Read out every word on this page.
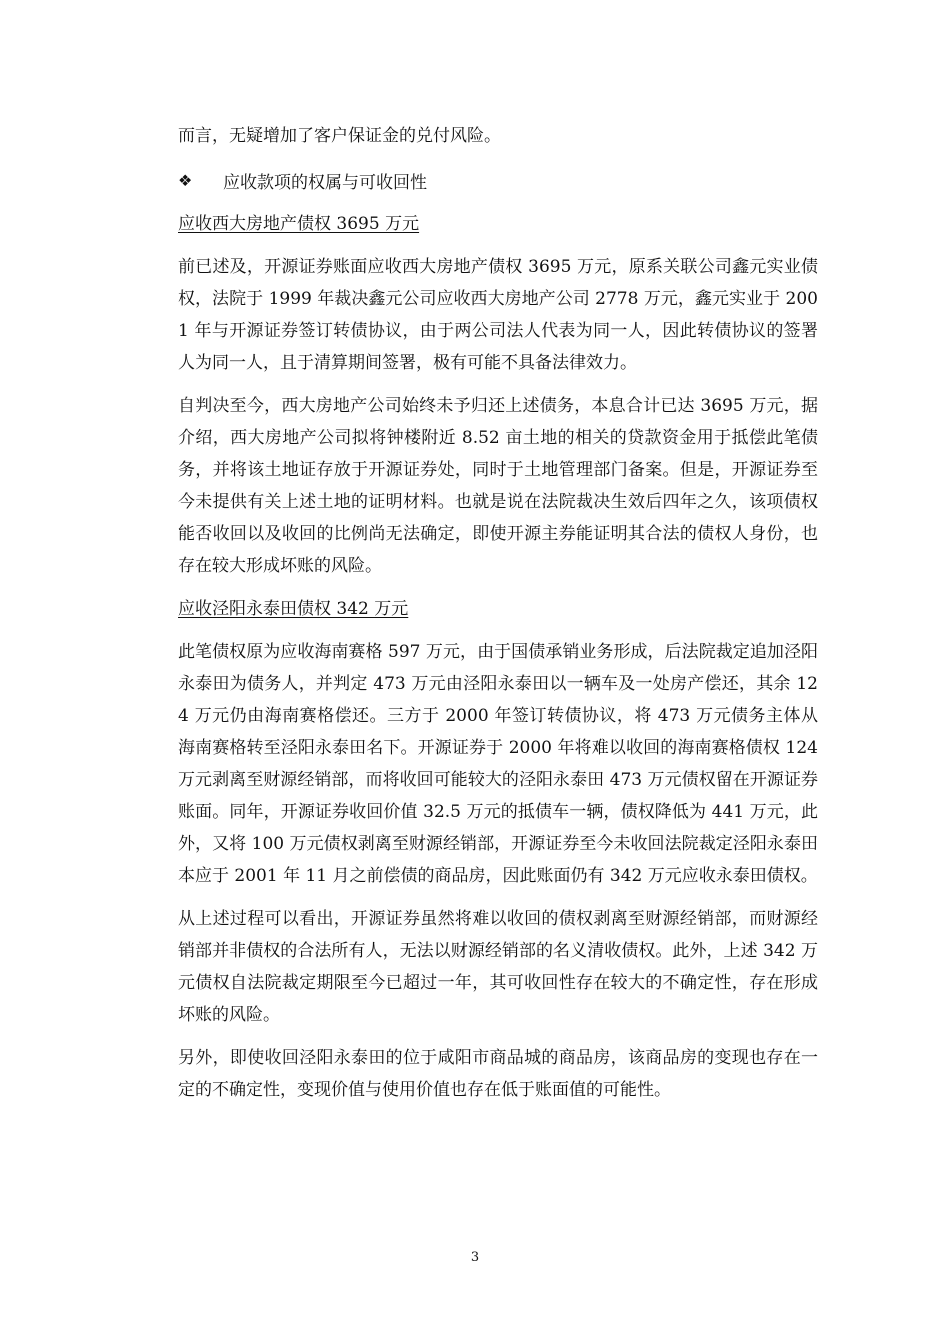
而言，无疑增加了客户保证金的兑付风险。

❖	应收款项的权属与可收回性
应收西大房地产债权 3695 万元

前已述及，开源证券账面应收西大房地产债权 3695 万元，原系关联公司鑫元实业债权，法院于 1999 年裁决鑫元公司应收西大房地产公司 2778 万元，鑫元实业于 2001 年与开源证券签订转债协议，由于两公司法人代表为同一人，因此转债协议的签署人为同一人，且于清算期间签署，极有可能不具备法律效力。

自判决至今，西大房地产公司始终未予归还上述债务，本息合计已达 3695 万元，据介绍，西大房地产公司拟将钟楼附近 8.52 亩土地的相关的贷款资金用于抵偿此笔债务，并将该土地证存放于开源证券处，同时于土地管理部门备案。但是，开源证券至今未提供有关上述土地的证明材料。也就是说在法院裁决生效后四年之久，该项债权能否收回以及收回的比例尚无法确定，即使开源主券能证明其合法的债权人身份，也存在较大形成坏账的风险。

应收泾阳永泰田债权 342 万元

此笔债权原为应收海南赛格 597 万元，由于国债承销业务形成，后法院裁定追加泾阳永泰田为债务人，并判定 473 万元由泾阳永泰田以一辆车及一处房产偿还，其余 124 万元仍由海南赛格偿还。三方于 2000 年签订转债协议，将 473 万元债务主体从海南赛格转至泾阳永泰田名下。开源证券于 2000 年将难以收回的海南赛格债权 124 万元剥离至财源经销部，而将收回可能较大的泾阳永泰田 473 万元债权留在开源证券账面。同年，开源证券收回价值 32.5 万元的抵债车一辆，债权降低为 441 万元，此外，又将 100 万元债权剥离至财源经销部，开源证券至今未收回法院裁定泾阳永泰田本应于 2001 年 11 月之前偿债的商品房，因此账面仍有 342 万元应收永泰田债权。

从上述过程可以看出，开源证券虽然将难以收回的债权剥离至财源经销部，而财源经销部并非债权的合法所有人，无法以财源经销部的名义清收债权。此外，上述 342 万元债权自法院裁定期限至今已超过一年，其可收回性存在较大的不确定性，存在形成坏账的风险。

另外，即使收回泾阳永泰田的位于咸阳市商品城的商品房，该商品房的变现也存在一定的不确定性，变现价值与使用价值也存在低于账面值的可能性。

3
